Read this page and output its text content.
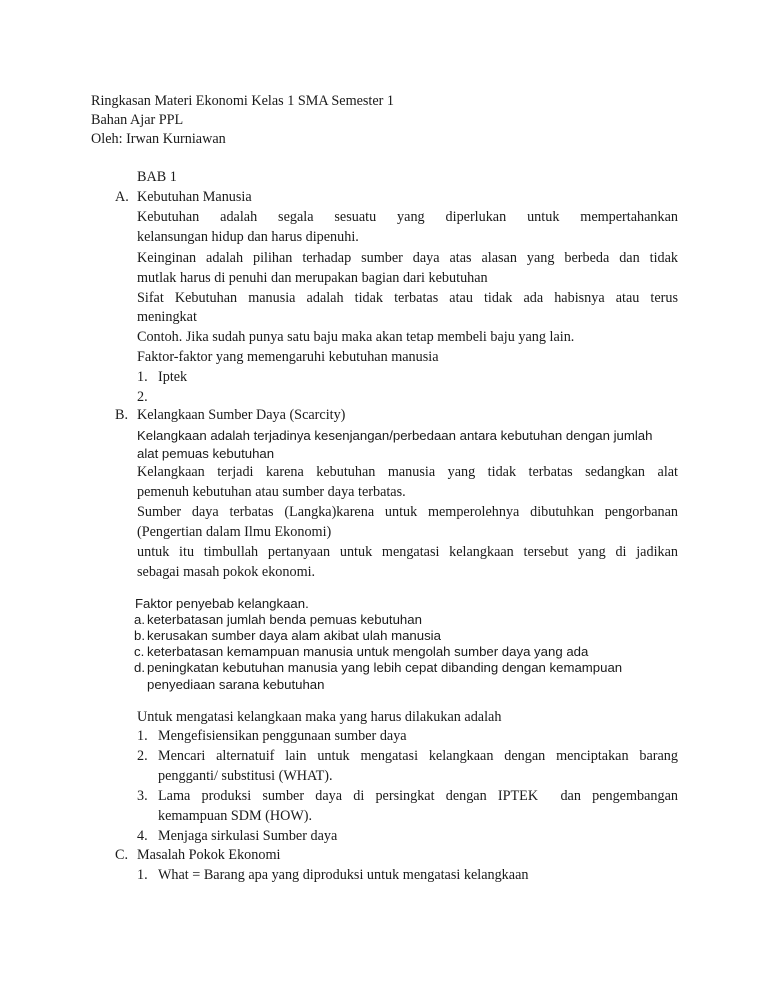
Ringkasan Materi Ekonomi Kelas 1 SMA Semester 1
Bahan Ajar PPL
Oleh: Irwan Kurniawan
BAB 1
A. Kebutuhan Manusia
Kebutuhan adalah segala sesuatu yang diperlukan untuk mempertahankan
kelansungan hidup dan harus dipenuhi.
Keinginan adalah pilihan terhadap sumber daya atas alasan yang berbeda dan tidak
mutlak harus di penuhi dan merupakan bagian dari kebutuhan
Sifat Kebutuhan manusia adalah tidak terbatas atau tidak ada habisnya atau terus
meningkat
Contoh. Jika sudah punya satu baju maka akan tetap membeli baju yang lain.
Faktor-faktor yang memengaruhi kebutuhan manusia
1. Iptek
2.
B. Kelangkaan Sumber Daya (Scarcity)
Kelangkaan adalah terjadinya kesenjangan/perbedaan antara kebutuhan dengan jumlah
alat pemuas kebutuhan
Kelangkaan terjadi karena kebutuhan manusia yang tidak terbatas sedangkan alat
pemenuh kebutuhan atau sumber daya terbatas.
Sumber daya terbatas (Langka)karena untuk memperolehnya dibutuhkan pengorbanan
(Pengertian dalam Ilmu Ekonomi)
untuk itu timbullah pertanyaan untuk mengatasi kelangkaan tersebut yang di jadikan
sebagai masah pokok ekonomi.
Faktor penyebab kelangkaan.
a. keterbatasan jumlah benda pemuas kebutuhan
b. kerusakan sumber daya alam akibat ulah manusia
c. keterbatasan kemampuan manusia untuk mengolah sumber daya yang ada
d. peningkatan kebutuhan manusia yang lebih cepat dibanding dengan kemampuan
penyediaan sarana kebutuhan
Untuk mengatasi kelangkaan maka yang harus dilakukan adalah
1. Mengefisiensikan penggunaan sumber daya
2. Mencari alternatuif lain untuk mengatasi kelangkaan dengan menciptakan barang
pengganti/ substitusi (WHAT).
3. Lama produksi sumber daya di persingkat dengan IPTEK  dan pengembangan
kemampuan SDM (HOW).
4. Menjaga sirkulasi Sumber daya
C. Masalah Pokok Ekonomi
1. What = Barang apa yang diproduksi untuk mengatasi kelangkaan
